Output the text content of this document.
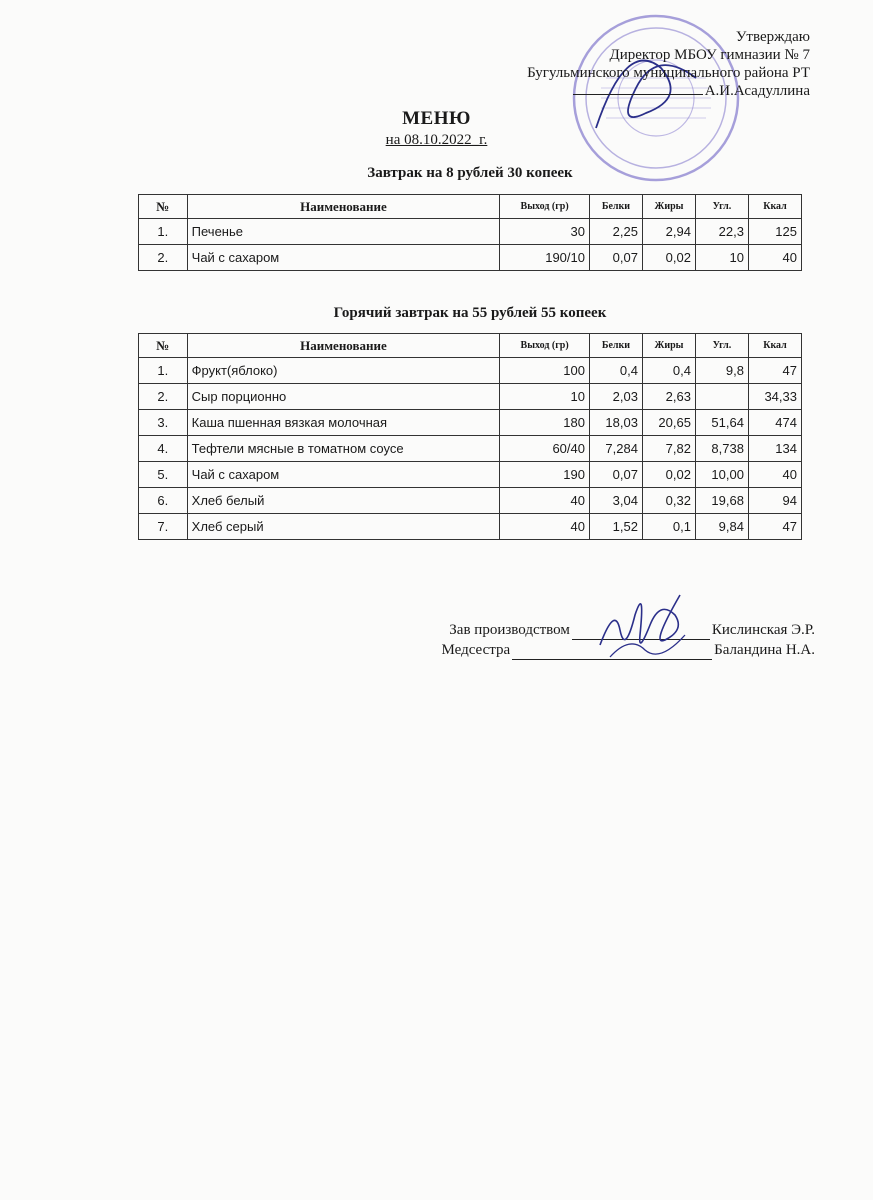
Утверждаю
Директор МБОУ гимназии № 7
Бугульминского муниципального района РТ
А.И.Асадуллина
МЕНЮ
на 08.10.2022_г.
Завтрак на 8 рублей 30 копеек
№	Наименование	Выход (гр)	Белки	Жиры	Угл.	Ккал
1.	Печенье	30	2,25	2,94	22,3	125
2.	Чай с сахаром	190/10	0,07	0,02	10	40
Горячий завтрак на 55 рублей 55 копеек
№	Наименование	Выход (гр)	Белки	Жиры	Угл.	Ккал
1.	Фрукт(яблоко)	100	0,4	0,4	9,8	47
2.	Сыр порционно	10	2,03	2,63		34,33
3.	Каша пшенная вязкая молочная	180	18,03	20,65	51,64	474
4.	Тефтели мясные в томатном соусе	60/40	7,284	7,82	8,738	134
5.	Чай с сахаром	190	0,07	0,02	10,00	40
6.	Хлеб белый	40	3,04	0,32	19,68	94
7.	Хлеб серый	40	1,52	0,1	9,84	47
Зав производством	Кислинская Э.Р.
Медсестра	Баландина Н.А.
